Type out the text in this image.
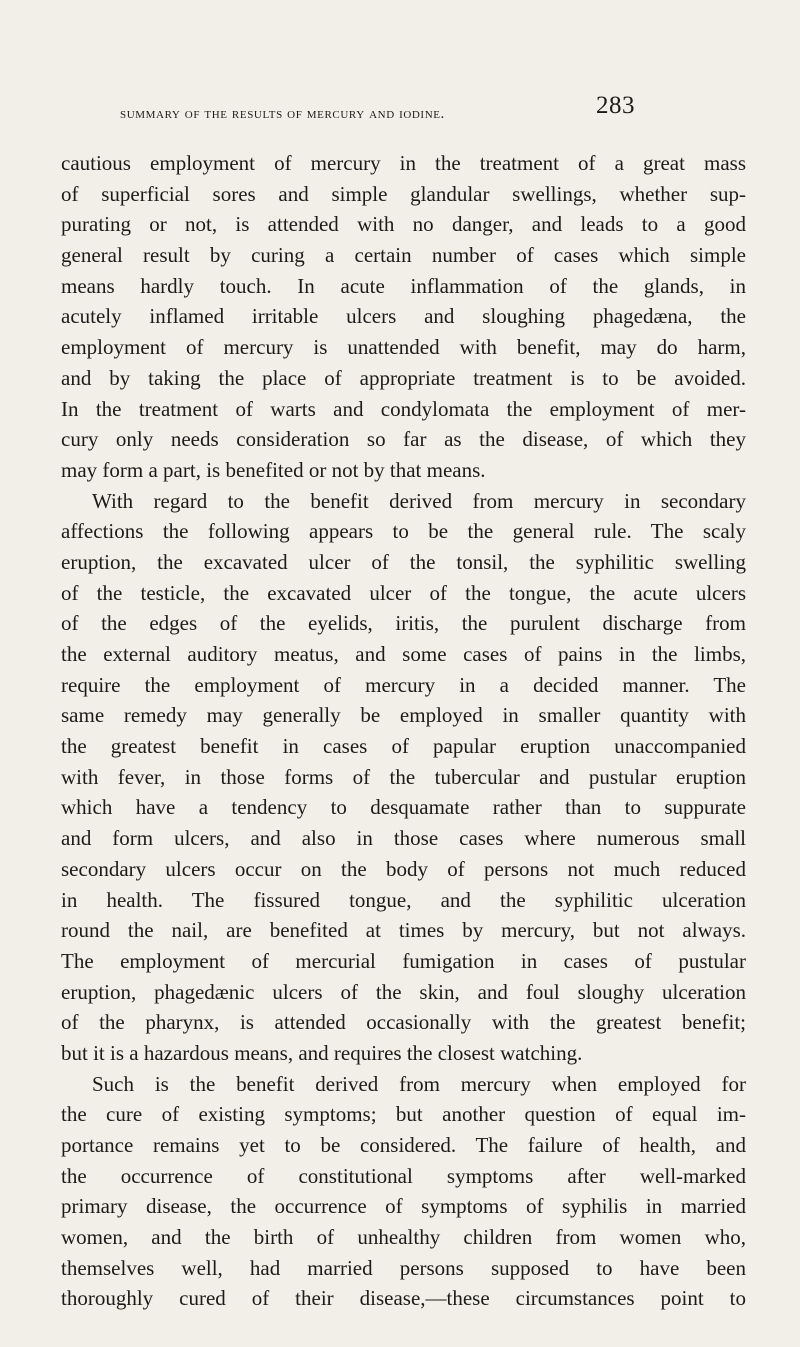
summary of the results of mercury and iodine.	283
cautious employment of mercury in the treatment of a great mass
of superficial sores and simple glandular swellings, whether sup-
purating or not, is attended with no danger, and leads to a good
general result by curing a certain number of cases which simple
means hardly touch. In acute inflammation of the glands, in
acutely inflamed irritable ulcers and sloughing phagedæna, the
employment of mercury is unattended with benefit, may do harm,
and by taking the place of appropriate treatment is to be avoided.
In the treatment of warts and condylomata the employment of mer-
cury only needs consideration so far as the disease, of which they
may form a part, is benefited or not by that means.
With regard to the benefit derived from mercury in secondary
affections the following appears to be the general rule. The scaly
eruption, the excavated ulcer of the tonsil, the syphilitic swelling
of the testicle, the excavated ulcer of the tongue, the acute ulcers
of the edges of the eyelids, iritis, the purulent discharge from
the external auditory meatus, and some cases of pains in the limbs,
require the employment of mercury in a decided manner. The
same remedy may generally be employed in smaller quantity with
the greatest benefit in cases of papular eruption unaccompanied
with fever, in those forms of the tubercular and pustular eruption
which have a tendency to desquamate rather than to suppurate
and form ulcers, and also in those cases where numerous small
secondary ulcers occur on the body of persons not much reduced
in health. The fissured tongue, and the syphilitic ulceration
round the nail, are benefited at times by mercury, but not always.
The employment of mercurial fumigation in cases of pustular
eruption, phagedænic ulcers of the skin, and foul sloughy ulceration
of the pharynx, is attended occasionally with the greatest benefit;
but it is a hazardous means, and requires the closest watching.
Such is the benefit derived from mercury when employed for
the cure of existing symptoms; but another question of equal im-
portance remains yet to be considered. The failure of health, and
the occurrence of constitutional symptoms after well-marked
primary disease, the occurrence of symptoms of syphilis in married
women, and the birth of unhealthy children from women who,
themselves well, had married persons supposed to have been
thoroughly cured of their disease,—these circumstances point to
